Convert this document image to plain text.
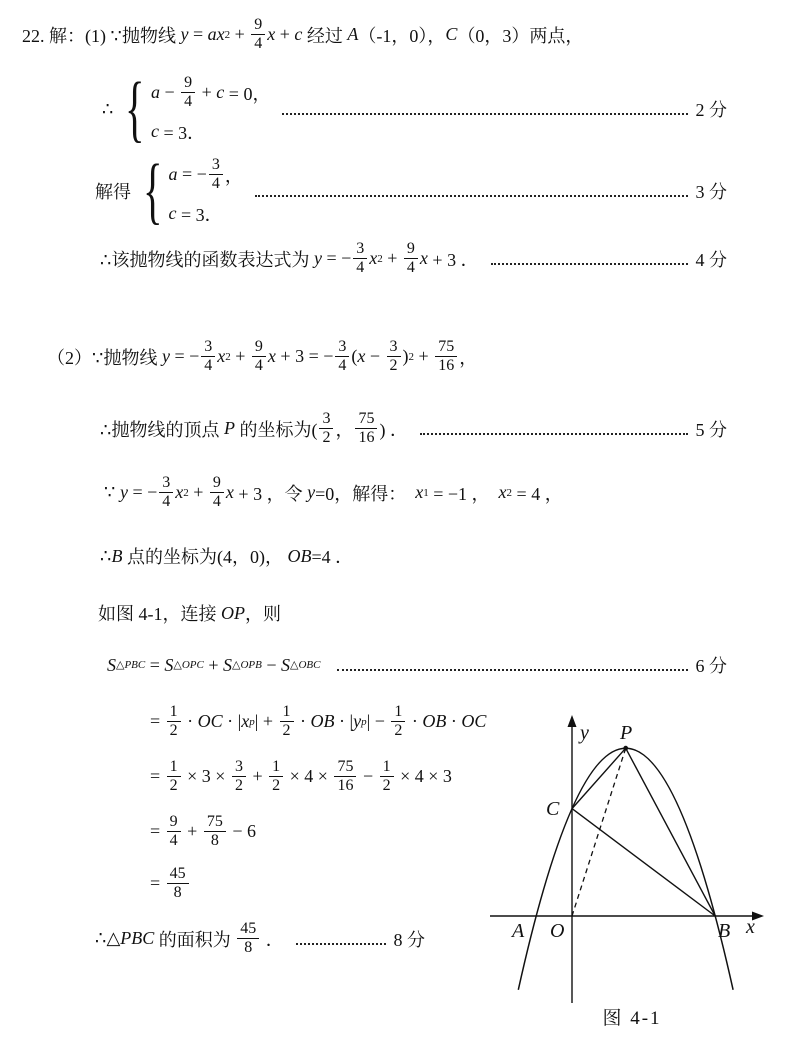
22. 解：(1) ∵抛物线 y = ax $2 + \frac{9}{4}$ x + c 经过 A （-1，0）， C （0，3）两点，
∴ { $a - \frac{9}{4} + c = 0$，
c = 3．
2 分
解得 { a = − $\frac{3}{4}$ ，
c = 3．
3 分
∴该抛物线的函数表达式为 y = − $\frac{3}{4}$ x $2 + \frac{9}{4}$ x + 3 ．	4 分
（2）∵抛物线 y = − $\frac{3}{4}$ x $2 + \frac{9}{4}$ x + 3 = − $\frac{3}{4}$ ( $x - \frac{3}{2}$ ) $2 + \frac{75}{16}$ ，
∴抛物线的顶点 P 的坐标为( $\frac{3}{2}$ ， $\frac{75}{16}$ ) ．	5 分
∵ y = − $\frac{3}{4}$ x $2 + \frac{9}{4}$ x + 3 ，令 y =0，解得： x 1 = −1 ， x 2 = 4 ，
∴ B 点的坐标为(4，0)， OB =4 ．
如图 4-1，连接 OP ，则
S △PBC = S △OPC + S △OPB − S △OBC
	6 分
= $\frac{1}{2}$ · OC · | x p | + $\frac{1}{2}$ · OB · | y p | − $\frac{1}{2}$ · OB · OC
= $\frac{1}{2} \times 3 \times \frac{3}{2} + \frac{1}{2} \times 4 \times \frac{75}{16} - \frac{1}{2} \times 4 \times 3$
= $\frac{9}{4} + \frac{75}{8} - 6$
= $\frac{45}{8}$
∴△ PBC 的面积为 $\frac{45}{8}$ ．	8 分
y P
C
O
A	B x
图 4-1
